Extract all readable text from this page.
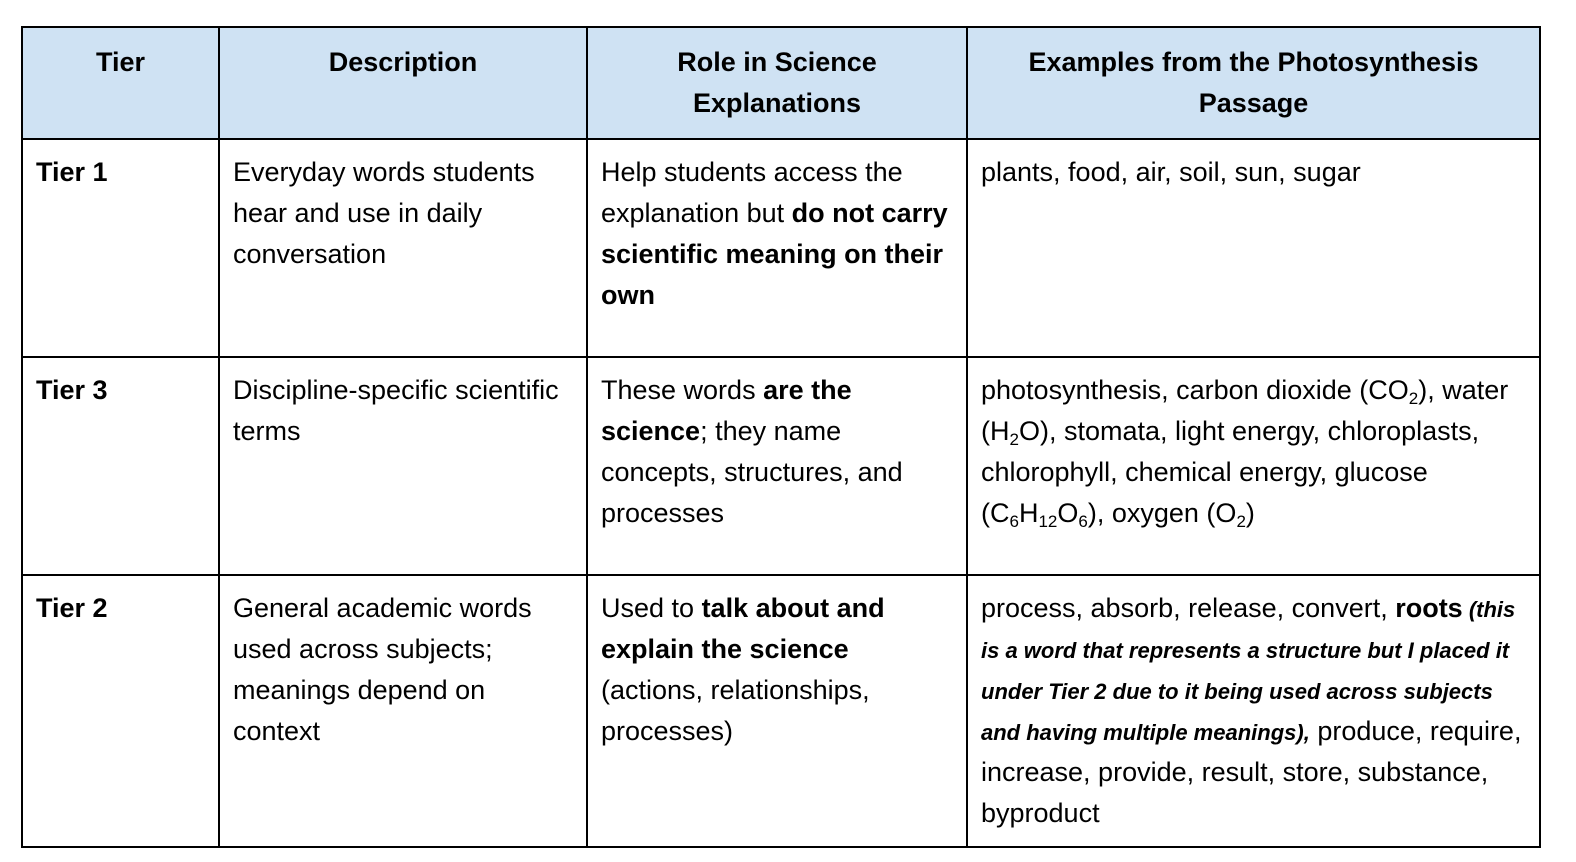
Tier	Description	Role in Science Explanations	Examples from the Photosynthesis Passage
Tier 1	Everyday words students hear and use in daily conversation	Help students access the explanation but do not carry scientific meaning on their own	plants, food, air, soil, sun, sugar
Tier 3	Discipline-specific scientific terms	These words are the science; they name concepts, structures, and processes	photosynthesis, carbon dioxide $(CO_2)$, water $(H_2O)$, stomata, light energy, chloroplasts, chlorophyll, chemical energy, glucose $(C_6H_{12}O_6)$, oxygen $(O_2)$
Tier 2	General academic words used across subjects; meanings depend on context	Used to talk about and explain the science (actions, relationships, processes)	process, absorb, release, convert, roots (this is a word that represents a structure but I placed it under Tier 2 due to it being used across subjects and having multiple meanings), produce, require, increase, provide, result, store, substance, byproduct
